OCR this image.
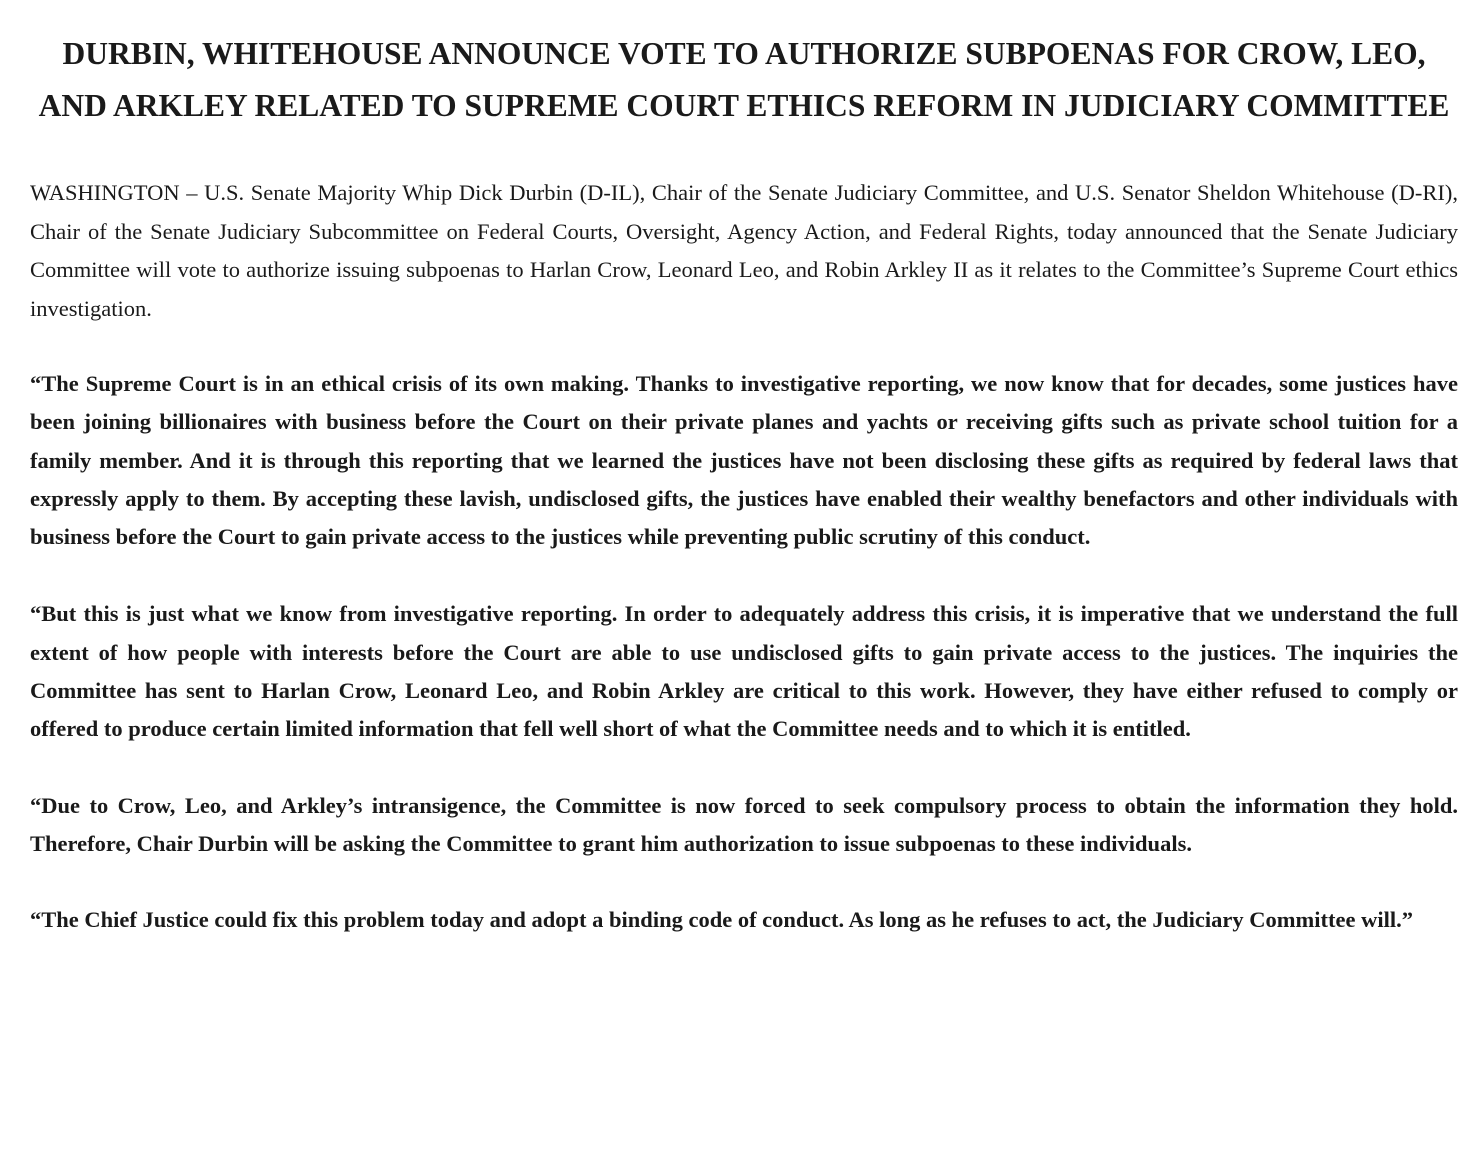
DURBIN, WHITEHOUSE ANNOUNCE VOTE TO AUTHORIZE SUBPOENAS FOR CROW, LEO, AND ARKLEY RELATED TO SUPREME COURT ETHICS REFORM IN JUDICIARY COMMITTEE

WASHINGTON – U.S. Senate Majority Whip Dick Durbin (D-IL), Chair of the Senate Judiciary Committee, and U.S. Senator Sheldon Whitehouse (D-RI), Chair of the Senate Judiciary Subcommittee on Federal Courts, Oversight, Agency Action, and Federal Rights, today announced that the Senate Judiciary Committee will vote to authorize issuing subpoenas to Harlan Crow, Leonard Leo, and Robin Arkley II as it relates to the Committee’s Supreme Court ethics investigation.

“The Supreme Court is in an ethical crisis of its own making. Thanks to investigative reporting, we now know that for decades, some justices have been joining billionaires with business before the Court on their private planes and yachts or receiving gifts such as private school tuition for a family member. And it is through this reporting that we learned the justices have not been disclosing these gifts as required by federal laws that expressly apply to them. By accepting these lavish, undisclosed gifts, the justices have enabled their wealthy benefactors and other individuals with business before the Court to gain private access to the justices while preventing public scrutiny of this conduct.

“But this is just what we know from investigative reporting. In order to adequately address this crisis, it is imperative that we understand the full extent of how people with interests before the Court are able to use undisclosed gifts to gain private access to the justices. The inquiries the Committee has sent to Harlan Crow, Leonard Leo, and Robin Arkley are critical to this work. However, they have either refused to comply or offered to produce certain limited information that fell well short of what the Committee needs and to which it is entitled.

“Due to Crow, Leo, and Arkley’s intransigence, the Committee is now forced to seek compulsory process to obtain the information they hold. Therefore, Chair Durbin will be asking the Committee to grant him authorization to issue subpoenas to these individuals.

“The Chief Justice could fix this problem today and adopt a binding code of conduct. As long as he refuses to act, the Judiciary Committee will.”
